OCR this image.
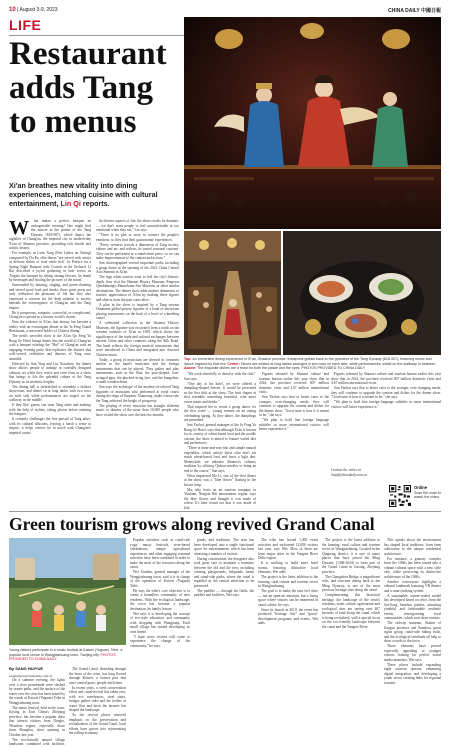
10 | August 3-9, 2023	CHINA DAILY 中國日報
LIFE
Restaurant adds Tang to menus
Xi'an breathes new vitality into dining experiences, matching cuisine with cultural entertainment, Lin Qi reports.
W	hat makes a perfect banquet an unforgettable evening? One might find the answer in the poems of the Tang Dynasty (618-907), which depict the nightlife of Chang'an, the imperial city in modern-day Xi'an of Shaanxi province, providing rich details and artistic beauty.

For example, in Liren Xing (Fair Ladies on Outing) composed by Du Fu, elite diners "are served with arrays of delicate dishes of food while fish". In Preface for a Spring Night Banquet with Cousins in the Orchard, Li Bai described a joyful gathering in lush verses as "begins the banquet by sitting among flowers, he drank by beverages and hosting the pictures of the moon".

Surrounded by dancing, singing, and poem-chanting and served good food and drinks, these great poets not only celebrated the pleasures of life but they also expressed a concern for the deep malaise to society beneath the extravagance of Chang'an and the Tang empire.

Be it prosperous, romantic, sorrowful, or complicated, Chang'an is poised as a literary world's charm.

Now the violence in Xi'an, that fantasy has become a reality with an extravagant dinner at the Ju Feng Grand Restaurant, a renowned holder of Chinese dining.

The newly unveiled show at the Xi'an Qu Feng Ya Rong Ge Hotel brings diners into the world of Chang'an with a banquet echoing the "Hui" of Chang'an with an engaging evening party that replicates the dinners that well-versed, celebrities and dancers of Tang once attended.

Directed by Sun Ying and Liu Xiaozhen, the dinner show allows people to indulge in carefully designed culinary art while they watch and even feast as a show that brings to life the splendid culture of the Tang Dynasty as its aesthetic heights.

The dining hall is refurbished to resemble a fashion showroom, and diners sit at long tables with two rows on each side while performances are staged on the walkway in the middle.

If they like, guests can wear Tang attire and makeup with the help of stylists, taking photos before entering the banquet.

It certainly challenges the free pursuit of Tang attire, with its cultural allusions, leaving a harsh a sense to inspire, it helps visitors be in touch with Chang'an's imperial courts.

do diverse aspects of life, the show results be dramatic — we don't want people to feel uncomfortable or too emotional when they eat," Liu says.

"There is no plot or story to connect the people's emotions, so they find their gastronomic experiences.

"Every scenario reveals a dimension of Tang society, culture and art, and reflects its varied seasonal customs. They can be performed as a stand-alone piece, so we can make improvements to the content and actions."

Sun choreographed several important paths, including a group dance at the opening of the 2022 China Central Asia Summit in Xi'an.

The sign when tourists want to feel the city's historic depth, they visit the Shaanxi History Museum, Emperor Qinshihuang's Mausoleum Site Museum, or other similar destinations. The dinner show adds another dimension to tourists' appreciation of Xi'an by making these figures and objects from the past come alive.

A plan in the show is inspired by a Tang servant Ornament gilded pottery figurine of a band of musicians playing instruments on the back of a bowl of a kneeling camel.

A celebrated collection in the Shaanxi History Museum, the figurine was excavated from a tomb on the western outskirts of Xi'an in 1959, which shows the significance of the trade and cultural exchanges between ancient China and other countries along the Silk Road. The band reflects the foreign musical instruments that were introduced to China and integrated into classical Chinese music.

Today, a group of musicians are dressed in costumes similar to the band's musicians and the foreign instruments that can be played. They gather and play instruments, such as the flute, the pear-shaped, four-stringed pipa, the plucked string lyre, and the bangzhou, a small wooden drum.

Sun says the archetype of the modern tri-colored Tang figurines of musicians who performed at royal courts during the reign of Emperor Xuanzong, under whose rule the Tang achieved the height of prosperity.

The playing of every musician has brought different music to dinners of the more than 10,000 people who have visited the show over the last few months.

"We work sheerfully to dissolve with the chef," Sun says.

"One day at his hotel, we were offered a dumpling-shaped dessert. It would be presented as the first dish at the show. The fruit shapes at first resemble something beautiful, with more sweet meats and drinks."

That inspired her to create a group dance for the first scene — young women on an outing celebrating spring. As they dance, the dumplings are presented.

Sun Yaohui, general manager of the Ju Fang Ya Rong Ge Hotel, says that although Xi'an is known for its variety of wheat-based food and the noodle cuisine, the show is aimed to feature varied diet and preferences.

"There is meat-and-rose fish and simple natural vegetables, which satisfy those who don't eat much wheat-based food and favor a light diet. Meanwhile, we enhance Shaanxi's culinary tradition by offering Qishan noodles to bring an end to the course," Sun says.

What impressed Ma Li, one of the first diners at the show, was a "blue flower" floating in the brown soup.

Ma, who hosts an art tourism company in Yunfuan, Ningxia Hui autonomous region, says the blue flower and thought it was made of wheat. It's later found out that it was made of fish.

Figures released by Shaanxi culture and tourism bureau earlier this year show that in 2024, the province received 607 million domestic visits and 4.67 million international visits.

Sun Yaohui says that to better cater to the younger, ever-changing needs, they will continue to upgrade the content and dishes for the dinner show. "Good taste is how it is meant to be," she says.

"We plan to hold fine foreign language subtitles so more international visitors will better experience it."

Figures released by Shaanxi culture and tourism bureau earlier this year show that in 2024, the province received 607 million domestic visits and 4.67 million international visits.

Sun Yaohui says that to better cater to the younger, ever-changing needs, they will continue to upgrade the content and dishes for the dinner show. "Good taste is how it is meant to be," she says.

"We plan to hold fine foreign language subtitles so more international visitors will better experience it."

Contact the writer at
linqi@chinadaily.com.cn
Online
Scan the code to watch the video.
Top: An immersive dining experience in Xi'an, Shaanxi province, transports guests back to the grandeur of the Tang Dynasty (618-907), featuring music and dance inspired by that era. Center: Diners are seated at long tables arranged in two rows on each side, while performances unfold on the walkway in between. Above: The exquisite dishes are a feast for both the palate and the eyes. PHOTOS PROVIDED TO CHINA DAILY
Green tourism grows along revived Grand Canal
Young visitors participate in a music festival at Kaiwei (Yuguan) Tribe, a popular rural venue in Wangjiazhuang town, Tianjing city. PHOTOS PROVIDED TO CHINA DAILY
By SANG HUIYUE
sanghuiyue@chinadaily.com.cn

On a summer evening, the lights over a river promenade were slashed by ornate paths, and the surface of the water over the river has been raised by the winds of Kaiwei (Yuguan) Tribe in Wangjiazhuang town.

The music festival, held in the town, Jiaxing in East China's Zhejiang province, has become a popular draw that attracts visitors from Ningbo, Wenzhou region, especially those from Shanghai, since opening in October last year.

The eco-friendly natural village landscape, combined with facilities,

The Grand Canal, threading through the heart of the town, has long flowed through Kaiwei, a former port that once carried grain, people and letters.

In recent years, a vivid conservation effort and canal-revival has taken root, with eco warehouses, steel stairs, bridges gather sides and the bodies of water flow and hosts the farmers has shaped the landscape.

As the revival places renewed emphasis on the preservation and revitalization of the Grand Canal, local efforts have grown into rejuvenating the rolling economy.

Popular activities such as canal-side yoga, music festivals, river-based celebrations, unique agricultural experiences, and other engaging seasonal activities have been combined in order to make the most of the resources along the canal.

Wei Xiaobin, general manager of the Wangjiazhuang town, said it is in charge of the operation of Kaiwei (Yuguan) Tribe.

He says the tribe's core objective is to create a boundless community of new residents. With the ecological landscape, the town has become a popular destination for family leisure.

Wei says it is developing the concept of eco-style education, and community with shopping with Wangjiang. Each small village has started developing its own theme.

"I hope more visitors will come to experience the change of the community," he says.

ponds, and traditions. The area has been developed into a single functional space for entertainment, which has been attracting a number of visitors.

During construction, the designers also took great care to maintain a harmony between the old and the new, including creating playgrounds, fishponds, farms and canal-side parks, where the canal is regarded as the central attraction to be preserved.

The paddies — through the fields, the paddles and facilities, Wei says.

The tribe has hosted 1,400 event activities and welcomed 12,000 visitors last year, says Wei. Most of them are from major cities in the Yangtze River Delta region.

It is working to build more hotel rooms, featuring distinctive local elements, Wei adds.

The project is the latest addition to the farming, rural culture and tourism sector in Wangjiazhuang.

The goal is to make the area feel alive — not an open-air museum, but a living space where visitors can be immersed in canal culture, he says.

Since its launch in 2019, the event has produced "heritage first" and "green" development programs and events, Wei adds.

The project is the latest addition to the farming, rural culture and tourism sector in Wangjiazhuang. Located in the Qingtong district, it is one of many places that have joined the Ming Dynasty (1368-1644) to form part of the Grand Canal in Jiaxing, Zhejiang province.

The Changzhou Bridge, a magnificent relic, and structure dating back to the Ming Dynasty, is one of the most precious heritage sites along the canal.

Complementing this historical heritage, the landscape of the town's residents, water culture, agritourism and ecological sites are seeing over 467 hectares of land along the canal, which is being revitalized, with a special focus on the eco-friendly landscape between the canal and the Yangtze River.

This speaks about the environment has shaped local traditions, from farm cultivation to the unique residential architecture.

For instance, a granary complex from the 1960s has been turned into a vibrant cultural space with a new style cafe, while preserving its distinctive architecture of the 1960s.

Another cornerstone highlights a cultural landmark featuring VR theater and a smart parking system.

A sustainable, nature-rooted model has developed based on relics from the Sui-Song Sanzhou pattern, attracting youthful and fashionable aesthetic events, reinvigorating local communities, which now draw tourists.

The railway museum, Station of Jiangsu province and Sanzhou, guest rights group, canal-side hiking trails, and the ecological riverbank all help to draw crowds to the town.

Those elements have proved especially appealing to younger visitors looking for perfect social media moments, Wei says.

These places include expanding night tourism options, enhancing digital integration, and developing a youth sector creating hubs for regional tourism.
